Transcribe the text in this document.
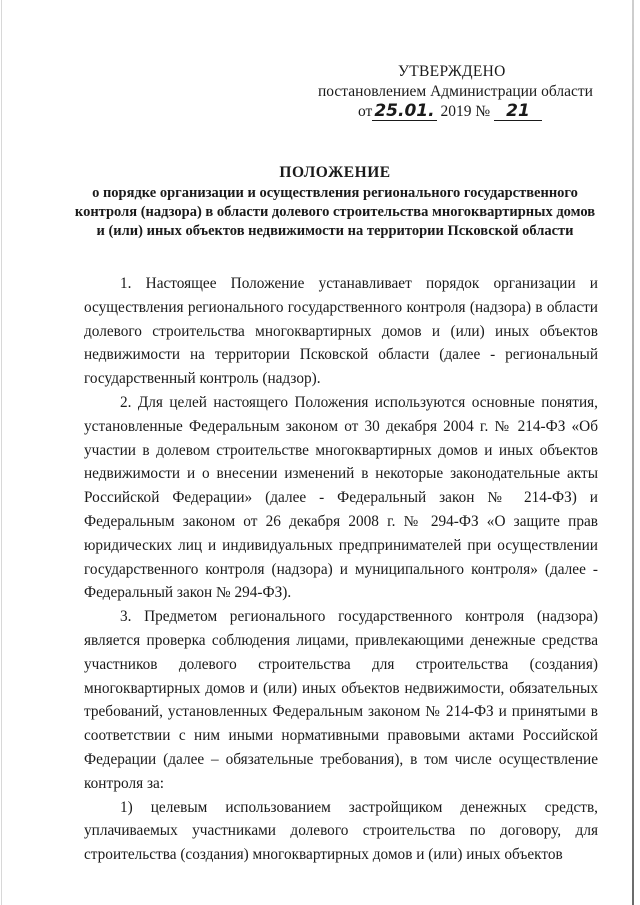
УТВЕРЖДЕНО
постановлением Администрации области
от 25.01. 2019 № 21
ПОЛОЖЕНИЕ
о порядке организации и осуществления регионального государственного контроля (надзора) в области долевого строительства многоквартирных домов и (или) иных объектов недвижимости на территории Псковской области

1. Настоящее Положение устанавливает порядок организации и осуществления регионального государственного контроля (надзора) в области долевого строительства многоквартирных домов и (или) иных объектов недвижимости на территории Псковской области (далее - региональный государственный контроль (надзор).

2. Для целей настоящего Положения используются основные понятия, установленные Федеральным законом от 30 декабря 2004 г. № 214-ФЗ «Об участии в долевом строительстве многоквартирных домов и иных объектов недвижимости и о внесении изменений в некоторые законодательные акты Российской Федерации» (далее - Федеральный закон № 214-ФЗ) и Федеральным законом от 26 декабря 2008 г. № 294-ФЗ «О защите прав юридических лиц и индивидуальных предпринимателей при осуществлении государственного контроля (надзора) и муниципального контроля» (далее - Федеральный закон № 294-ФЗ).

3. Предметом регионального государственного контроля (надзора) является проверка соблюдения лицами, привлекающими денежные средства участников долевого строительства для строительства (создания) многоквартирных домов и (или) иных объектов недвижимости, обязательных требований, установленных Федеральным законом № 214-ФЗ и принятыми в соответствии с ним иными нормативными правовыми актами Российской Федерации (далее – обязательные требования), в том числе осуществление контроля за:

1) целевым использованием застройщиком денежных средств, уплачиваемых участниками долевого строительства по договору, для строительства (создания) многоквартирных домов и (или) иных объектов
